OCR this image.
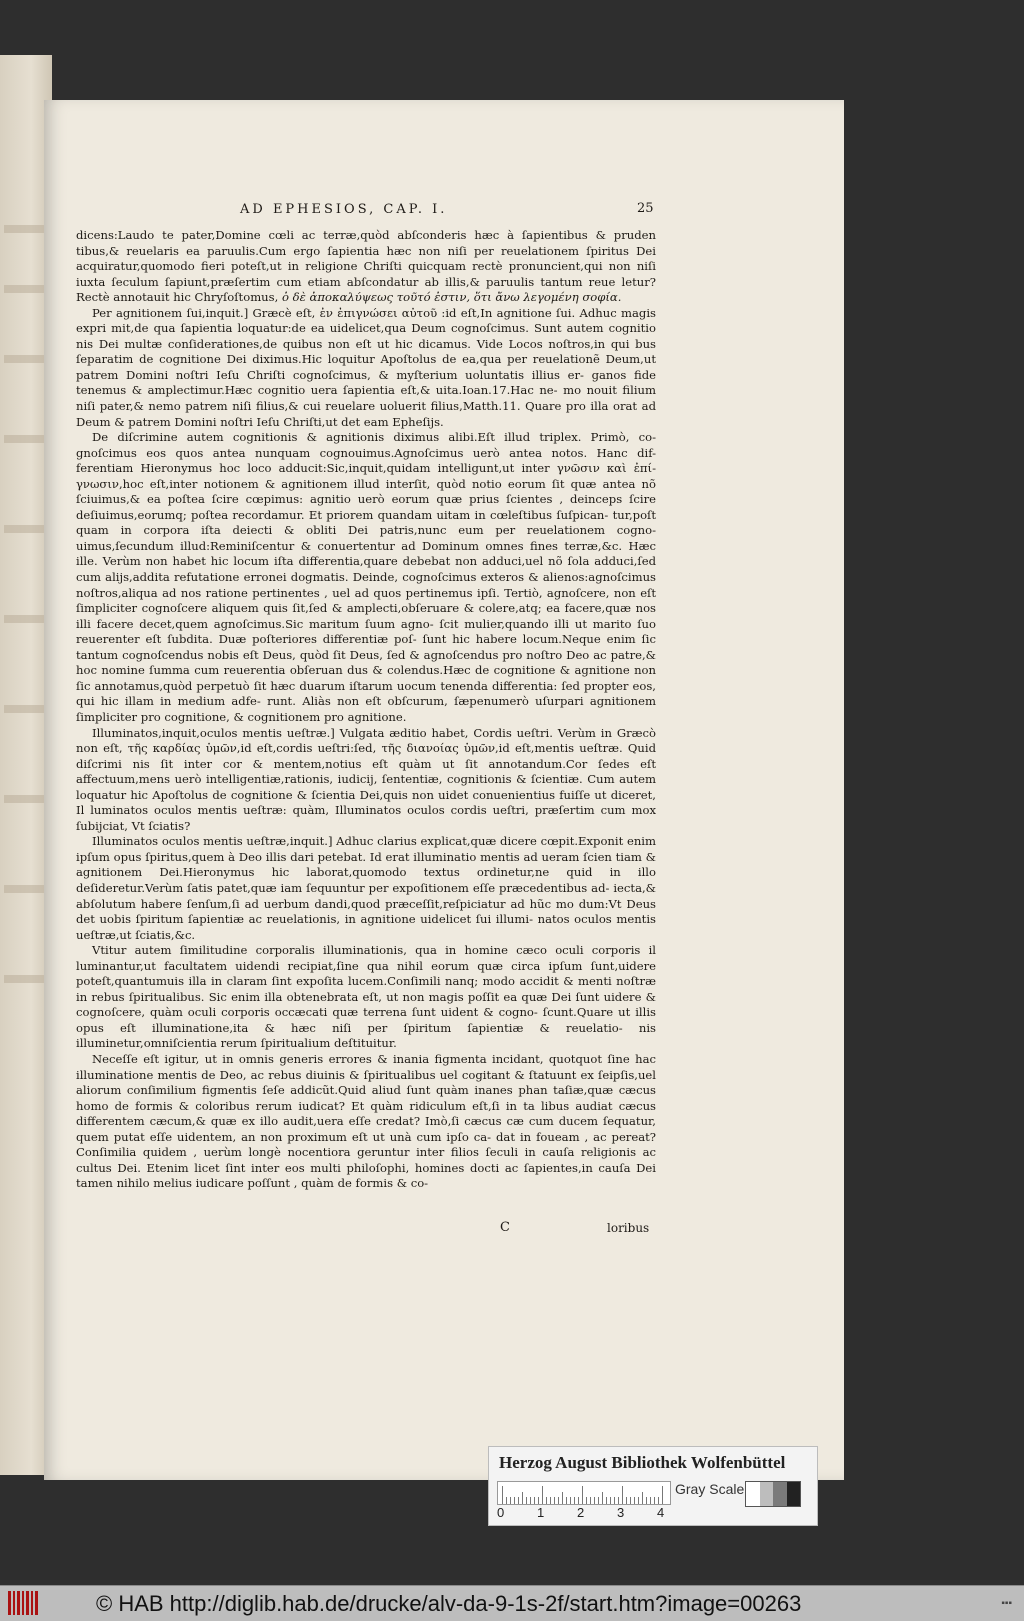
AD EPHESIOS, CAP. I.	25

dicens:Laudo te pater,Domine cœli ac terræ,quòd abſconderis hæc à ſapientibus & pruden tibus,& reuelaris ea paruulis.Cum ergo ſapientia hæc non niſi per reuelationem ſpiritus Dei acquiratur,quomodo fieri poteſt,ut in religione Chriſti quicquam rectè pronuncient,qui non niſi iuxta ſeculum ſapiunt,præſertim cum etiam abſcondatur ab illis,& paruulis tantum reue letur?Rectè annotauit hic Chryſoſtomus, ὁ δὲ ἀποκαλύψεως τοῦτό ἐστιν, ὅτι ἄνω λεγομένη σοφία.

Per agnitionem ſui,inquit.] Græcè eſt, ἐν ἐπιγνώσει αὐτοῦ :id eſt,In agnitione ſui. Adhuc magis expri mit,de qua ſapientia loquatur:de ea uidelicet,qua Deum cognoſcimus. Sunt autem cognitio nis Dei multæ conſiderationes,de quibus non eſt ut hic dicamus. Vide Locos noſtros,in qui bus ſeparatim de cognitione Dei diximus.Hic loquitur Apoſtolus de ea,qua per reuelationẽ Deum,ut patrem Domini noſtri Ieſu Chriſti cognoſcimus, & myſterium uoluntatis illius er- ganos fide tenemus & amplectimur.Hæc cognitio uera ſapientia eſt,& uita.Ioan.17.Hac ne- mo nouit filium niſi pater,& nemo patrem niſi filius,& cui reuelare uoluerit filius,Matth.11. Quare pro illa orat ad Deum & patrem Domini noſtri Ieſu Chriſti,ut det eam Epheſijs.

De diſcrimine autem cognitionis & agnitionis diximus alibi.Eſt illud triplex. Primò, co- gnoſcimus eos quos antea nunquam cognouimus.Agnoſcimus uerò antea notos. Hanc dif- ferentiam Hieronymus hoc loco adducit:Sic,inquit,quidam intelligunt,ut inter γνῶσιν καὶ ἐπί- γνωσιν,hoc eſt,inter notionem & agnitionem illud interſit, quòd notio eorum ſit quæ antea nõ ſciuimus,& ea poſtea ſcire cœpimus: agnitio uerò eorum quæ prius ſcientes , deinceps ſcire deſiuimus,eorumq; poſtea recordamur. Et priorem quandam uitam in cœleſtibus ſuſpican- tur,poſt quam in corpora iſta deiecti & obliti Dei patris,nunc eum per reuelationem cogno- uimus,ſecundum illud:Reminiſcentur & conuertentur ad Dominum omnes fines terræ,&c. Hæc ille. Verùm non habet hic locum iſta differentia,quare debebat non adduci,uel nõ ſola adduci,ſed cum alijs,addita refutatione erronei dogmatis. Deinde, cognoſcimus exteros & alienos:agnoſcimus noſtros,aliqua ad nos ratione pertinentes , uel ad quos pertinemus ipſi. Tertiò, agnoſcere, non eſt ſimpliciter cognoſcere aliquem quis ſit,ſed & amplecti,obſeruare & colere,atq; ea facere,quæ nos illi facere decet,quem agnoſcimus.Sic maritum ſuum agno- ſcit mulier,quando illi ut marito ſuo reuerenter eſt ſubdita. Duæ poſteriores differentiæ poſ- ſunt hic habere locum.Neque enim ſic tantum cognoſcendus nobis eſt Deus, quòd ſit Deus, ſed & agnoſcendus pro noſtro Deo ac patre,& hoc nomine ſumma cum reuerentia obſeruan dus & colendus.Hæc de cognitione & agnitione non ſic annotamus,quòd perpetuò ſit hæc duarum iſtarum uocum tenenda differentia: ſed propter eos, qui hic illam in medium adfe- runt. Aliàs non eſt obſcurum, ſæpenumerò uſurpari agnitionem ſimpliciter pro cognitione, & cognitionem pro agnitione.

Illuminatos,inquit,oculos mentis ueſtræ.] Vulgata æditio habet, Cordis ueſtri. Verùm in Græcò non eſt, τῆς καρδίας ὑμῶν,id eſt,cordis ueſtri:ſed, τῆς διανοίας ὑμῶν,id eſt,mentis ueſtræ. Quid diſcrimi nis ſit inter cor & mentem,notius eſt quàm ut ſit annotandum.Cor ſedes eſt affectuum,mens uerò intelligentiæ,rationis, iudicij, ſententiæ, cognitionis & ſcientiæ. Cum autem loquatur hic Apoſtolus de cognitione & ſcientia Dei,quis non uidet conuenientius fuiſſe ut diceret, Il luminatos oculos mentis ueſtræ: quàm, Illuminatos oculos cordis ueſtri, præſertim cum mox ſubijciat, Vt ſciatis?

Illuminatos oculos mentis ueſtræ,inquit.] Adhuc clarius explicat,quæ dicere cœpit.Exponit enim ipſum opus ſpiritus,quem à Deo illis dari petebat. Id erat illuminatio mentis ad ueram ſcien tiam & agnitionem Dei.Hieronymus hic laborat,quomodo textus ordinetur,ne quid in illo deſideretur.Verùm ſatis patet,quæ iam ſequuntur per expoſitionem eſſe præcedentibus ad- iecta,& abſolutum habere ſenſum,ſi ad uerbum dandi,quod præceſſit,reſpiciatur ad hũc mo dum:Vt Deus det uobis ſpiritum ſapientiæ ac reuelationis, in agnitione uidelicet ſui illumi- natos oculos mentis ueſtræ,ut ſciatis,&c.

Vtitur autem ſimilitudine corporalis illuminationis, qua in homine cæco oculi corporis il luminantur,ut facultatem uidendi recipiat,ſine qua nihil eorum quæ circa ipſum ſunt,uidere poteſt,quantumuis illa in claram ſint expoſita lucem.Conſimili nanq; modo accidit & menti noſtræ in rebus ſpiritualibus. Sic enim illa obtenebrata eſt, ut non magis poſſit ea quæ Dei ſunt uidere & cognoſcere, quàm oculi corporis occæcati quæ terrena ſunt uident & cogno- ſcunt.Quare ut illis opus eſt illuminatione,ita & hæc niſi per ſpiritum ſapientiæ & reuelatio- nis illuminetur,omniſcientia rerum ſpiritualium deſtituitur.

Neceſſe eſt igitur, ut in omnis generis errores & inania figmenta incidant, quotquot ſine hac illuminatione mentis de Deo, ac rebus diuinis & ſpiritualibus uel cogitant & ſtatuunt ex ſeipſis,uel aliorum conſimilium figmentis ſeſe addicũt.Quid aliud ſunt quàm inanes phan taſiæ,quæ cæcus homo de formis & coloribus rerum iudicat? Et quàm ridiculum eſt,ſi in ta libus audiat cæcus differentem cæcum,& quæ ex illo audit,uera eſſe credat? Imò,ſi cæcus cæ cum ducem ſequatur, quem putat eſſe uidentem, an non proximum eſt ut unà cum ipſo ca- dat in foueam , ac pereat? Conſimilia quidem , uerùm longè nocentiora geruntur inter filios ſeculi in cauſa religionis ac cultus Dei. Etenim licet ſint inter eos multi philoſophi, homines docti ac ſapientes,in cauſa Dei tamen nihilo melius iudicare poſſunt , quàm de formis & co-

C	loribus
Herzog August Bibliothek Wolfenbüttel
0	1	2	3	4
Gray Scale
© HAB http://diglib.hab.de/drucke/alv-da-9-1s-2f/start.htm?image=00263	▪▪▪
